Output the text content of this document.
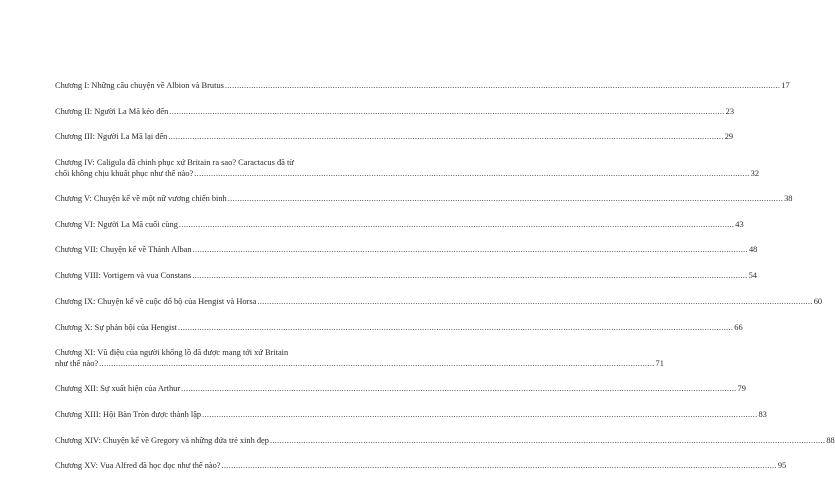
Chương I: Những câu chuyện về Albion và Brutus .....	17
Chương II: Người La Mã kéo đến .....	23
Chương III: Người La Mã lại đến .....	29
Chương IV: Caligula đã chinh phục xứ Britain ra sao? Caractacus đã từ
chối không chịu khuất phục như thế nào? .....	32
Chương V: Chuyện kể về một nữ vương chiến binh .....	38
Chương VI: Người La Mã cuối cùng .....	43
Chương VII: Chuyện kể về Thánh Alban .....	48
Chương VIII: Vortigern và vua Constans .....	54
Chương IX: Chuyện kể về cuộc đổ bộ của Hengist và Horsa .....	60
Chương X: Sự phản bội của Hengist .....	66
Chương XI: Vũ điệu của người khổng lồ đã được mang tới xứ Britain
như thế nào? .....	71
Chương XII: Sự xuất hiện của Arthur .....	79
Chương XIII: Hội Bàn Tròn được thành lập .....	83
Chương XIV: Chuyện kể về Gregory và những đứa trẻ xinh đẹp .....	88
Chương XV: Vua Alfred đã học đọc như thế nào? .....	95
